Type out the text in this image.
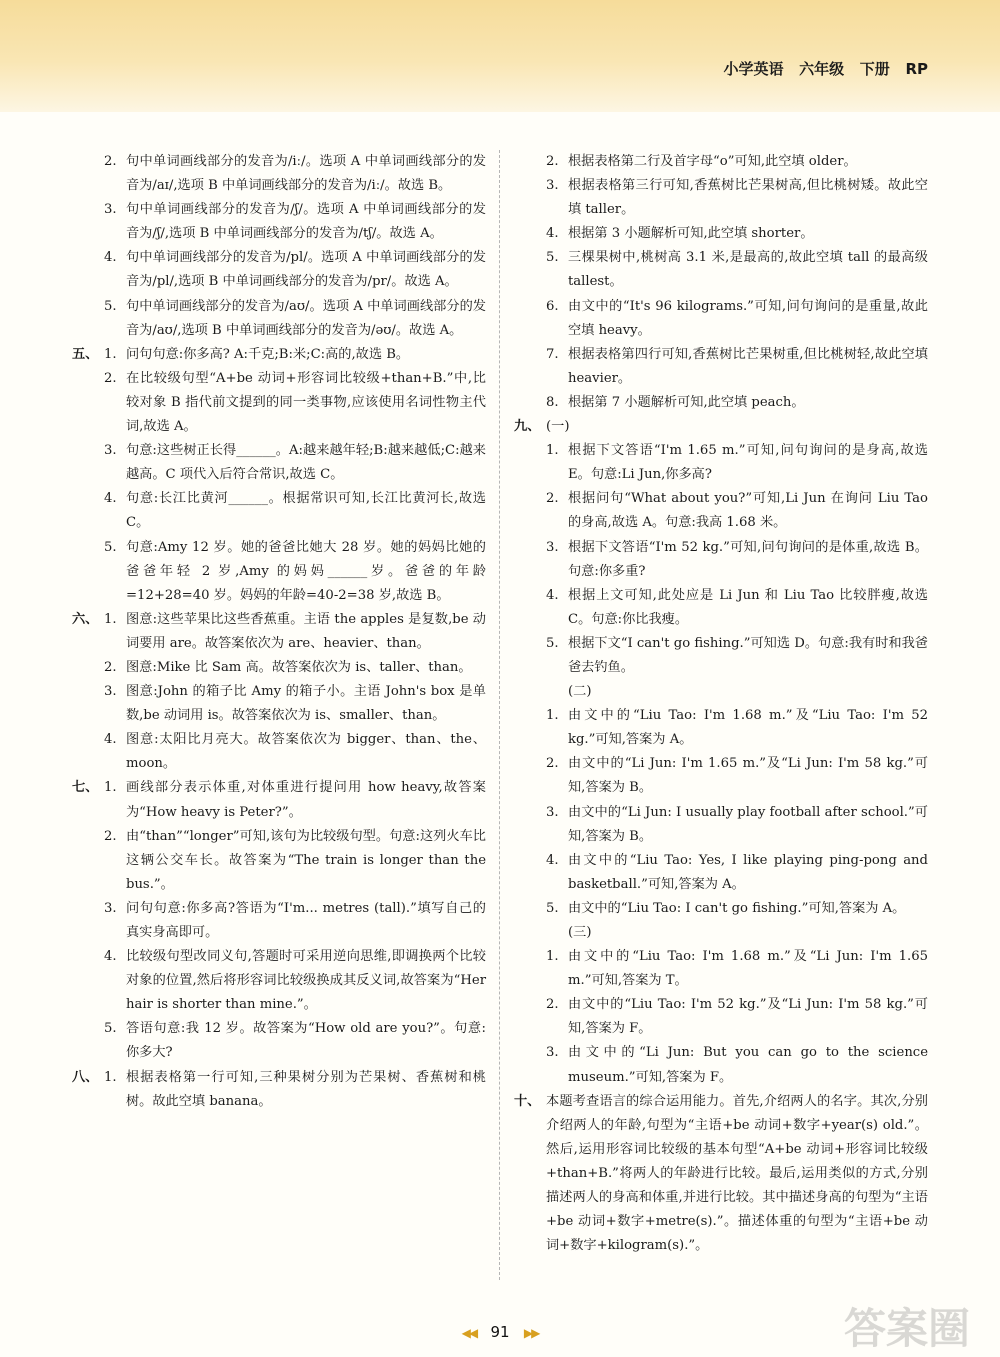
小学英语   六年级   下册   RP
2. 句中单词画线部分的发音为/iː/。选项 A 中单词画线部分的发音为/aɪ/,选项 B 中单词画线部分的发音为/iː/。故选 B。
3. 句中单词画线部分的发音为/ʃ/。选项 A 中单词画线部分的发音为/ʃ/,选项 B 中单词画线部分的发音为/tʃ/。故选 A。
4. 句中单词画线部分的发音为/pl/。选项 A 中单词画线部分的发音为/pl/,选项 B 中单词画线部分的发音为/pr/。故选 A。
5. 句中单词画线部分的发音为/aʊ/。选项 A 中单词画线部分的发音为/aʊ/,选项 B 中单词画线部分的发音为/əʊ/。故选 A。
五、 1. 问句句意:你多高? A:千克;B:米;C:高的,故选 B。
2. 在比较级句型“A+be 动词+形容词比较级+than+B.”中,比较对象 B 指代前文提到的同一类事物,应该使用名词性物主代词,故选 A。
3. 句意:这些树正长得______。A:越来越年轻;B:越来越低;C:越来越高。C 项代入后符合常识,故选 C。
4. 句意:长江比黄河______。根据常识可知,长江比黄河长,故选 C。
5. 句意:Amy 12 岁。她的爸爸比她大 28 岁。她的妈妈比她的爸爸年轻 2 岁,Amy 的妈妈______岁。爸爸的年龄=12+28=40 岁。妈妈的年龄=40-2=38 岁,故选 B。
六、 1. 图意:这些苹果比这些香蕉重。主语 the apples 是复数,be 动词要用 are。故答案依次为 are、heavier、than。
2. 图意:Mike 比 Sam 高。故答案依次为 is、taller、than。
3. 图意:John 的箱子比 Amy 的箱子小。主语 John's box 是单数,be 动词用 is。故答案依次为 is、smaller、than。
4. 图意:太阳比月亮大。故答案依次为 bigger、than、the、moon。
七、 1. 画线部分表示体重,对体重进行提问用 how heavy,故答案为“How heavy is Peter?”。
2. 由“than”“longer”可知,该句为比较级句型。句意:这列火车比这辆公交车长。故答案为“The train is longer than the bus.”。
3. 问句句意:你多高?答语为“I'm... metres (tall).”填写自己的真实身高即可。
4. 比较级句型改同义句,答题时可采用逆向思维,即调换两个比较对象的位置,然后将形容词比较级换成其反义词,故答案为“Her hair is shorter than mine.”。
5. 答语句意:我 12 岁。故答案为“How old are you?”。句意:你多大?
八、 1. 根据表格第一行可知,三种果树分别为芒果树、香蕉树和桃树。故此空填 banana。
2. 根据表格第二行及首字母“o”可知,此空填 older。
3. 根据表格第三行可知,香蕉树比芒果树高,但比桃树矮。故此空填 taller。
4. 根据第 3 小题解析可知,此空填 shorter。
5. 三棵果树中,桃树高 3.1 米,是最高的,故此空填 tall 的最高级 tallest。
6. 由文中的“It's 96 kilograms.”可知,问句询问的是重量,故此空填 heavy。
7. 根据表格第四行可知,香蕉树比芒果树重,但比桃树轻,故此空填 heavier。
8. 根据第 7 小题解析可知,此空填 peach。
九、 (一)
1. 根据下文答语“I'm 1.65 m.”可知,问句询问的是身高,故选 E。句意:Li Jun,你多高?
2. 根据问句“What about you?”可知,Li Jun 在询问 Liu Tao 的身高,故选 A。句意:我高 1.68 米。
3. 根据下文答语“I'm 52 kg.”可知,问句询问的是体重,故选 B。句意:你多重?
4. 根据上文可知,此处应是 Li Jun 和 Liu Tao 比较胖瘦,故选 C。句意:你比我瘦。
5. 根据下文“I can't go fishing.”可知选 D。句意:我有时和我爸爸去钓鱼。
(二)
1. 由文中的“Liu Tao: I'm 1.68 m.”及“Liu Tao: I'm 52 kg.”可知,答案为 A。
2. 由文中的“Li Jun: I'm 1.65 m.”及“Li Jun: I'm 58 kg.”可知,答案为 B。
3. 由文中的“Li Jun: I usually play football after school.”可知,答案为 B。
4. 由文中的“Liu Tao: Yes, I like playing ping-pong and basketball.”可知,答案为 A。
5. 由文中的“Liu Tao: I can't go fishing.”可知,答案为 A。
(三)
1. 由文中的“Liu Tao: I'm 1.68 m.”及“Li Jun: I'm 1.65 m.”可知,答案为 T。
2. 由文中的“Liu Tao: I'm 52 kg.”及“Li Jun: I'm 58 kg.”可知,答案为 F。
3. 由文中的“Li Jun: But you can go to the science museum.”可知,答案为 F。
十、 本题考查语言的综合运用能力。首先,介绍两人的名字。其次,分别介绍两人的年龄,句型为“主语+be 动词+数字+year(s) old.”。然后,运用形容词比较级的基本句型“A+be 动词+形容词比较级+than+B.”将两人的年龄进行比较。最后,运用类似的方式,分别描述两人的身高和体重,并进行比较。其中描述身高的句型为“主语+be 动词+数字+metre(s).”。描述体重的句型为“主语+be 动词+数字+kilogram(s).”。
◀◀ 91 ▶▶	答案圈
